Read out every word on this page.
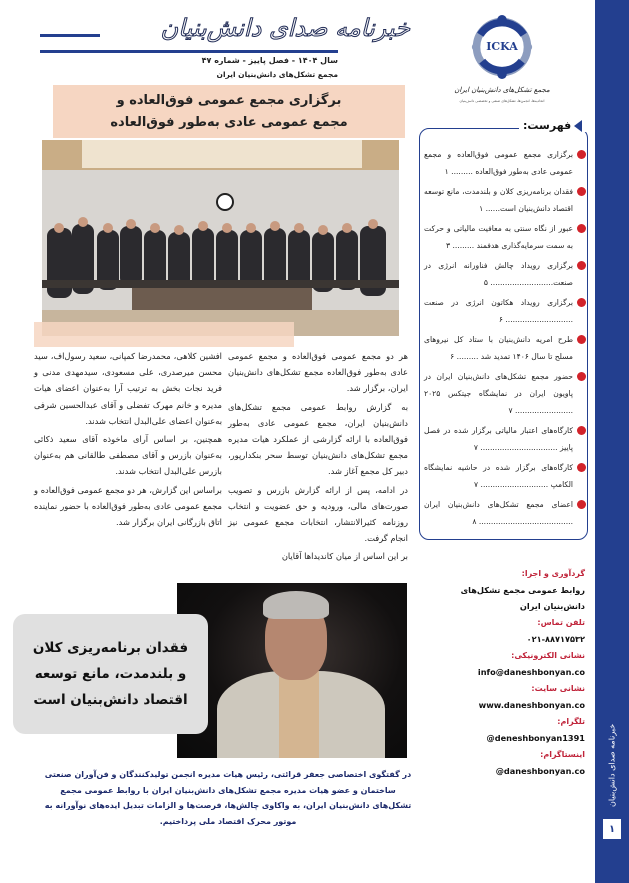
خبرنامه صدای دانش‌بنیان
۱
خبرنامه صدای دانش‌بنیان
سال ۱۴۰۴ - فصل پاییز - شماره ۴۷
مجمع تشکل‌های دانش‌بنیان ایران
ICKA
مجمع تشکل‌های دانش‌بنیان ایران
اتحادیه‌ها، انجمن‌ها، تشکل‌های صنفی و تخصصی دانش‌بنیان
فهرست:
برگزاری مجمع عمومی فوق‌العاده و مجمع عمومی عادی به‌طور فوق‌العاده ......... ۱
فقدان برنامه‌ریزی کلان و بلندمدت، مانع توسعه اقتصاد دانش‌بنیان است...... ۱
عبور از نگاه سنتی به معافیت مالیاتی و حرکت به سمت سرمایه‌گذاری هدفمند ......... ۳
برگزاری رویداد چالش فناورانه انرژی در صنعت.......................... ۵
برگزاری رویداد هکاتون انرژی در صنعت ............................ ۶
طرح امریه دانش‌بنیان با ستاد کل نیروهای مسلح تا سال ۱۴۰۶ تمدید شد ......... ۶
حضور مجمع تشکل‌های دانش‌بنیان ایران در پاویون ایران در نمایشگاه جیتکس ۲۰۲۵ ........................ ۷
کارگاه‌های اعتبار مالیاتی برگزار شده در فصل پاییز ................................ ۷
کارگاه‌های برگزار شده در حاشیه نمایشگاه الکامپ ............................ ۷
اعضای مجمع تشکل‌های دانش‌بنیان ایران ....................................... ۸
گردآوری و اجرا:
روابط عمومی مجمع تشکل‌های
دانش‌بنیان ایران
تلفن تماس:
۰۲۱-۸۸۷۱۷۵۳۲
نشانی الکترونیکی:
info@daneshbonyan.co
نشانی سایت:
www.daneshbonyan.co
تلگرام:
@deneshbonyan1391
اینستاگرام:
@daneshbonyan.co
برگزاری مجمع عمومی فوق‌العاده و
مجمع عمومی عادی به‌طور فوق‌العاده

هر دو مجمع عمومی فوق‌العاده و مجمع عمومی عادی به‌طور فوق‌العاده مجمع تشکل‌های دانش‌بنیان ایران، برگزار شد.

به گزارش روابط عمومی مجمع تشکل‌های دانش‌بنیان ایران، مجمع عمومی عادی به‌طور فوق‌العاده با ارائه گزارشی از عملکرد هیات مدیره مجمع تشکل‌های دانش‌بنیان توسط سحر بنکدارپور، دبیر کل مجمع آغاز شد.

در ادامه، پس از ارائه گزارش بازرس و تصویب صورت‌های مالی، ورودیه و حق عضویت و انتخاب روزنامه کثیرالانتشار، انتخابات مجمع عمومی نیز انجام گرفت.

بر این اساس از میان کاندیداها آقایان

افشین کلاهی، محمدرضا کمپانی، سعید رسول‌اف، سید محسن میرصدری، علی مسعودی، سیدمهدی مدنی و فرید نجات بخش به ترتیب آرا به‌عنوان اعضای هیات مدیره و خانم مهرک تفضلی و آقای عبدالحسین شرفی به‌عنوان اعضای علی‌البدل انتخاب شدند.

همچنین، بر اساس آرای ماخوذه آقای سعید ذکائی به‌عنوان بازرس و آقای مصطفی طالقانی هم به‌عنوان بازرس علی‌البدل انتخاب شدند.

براساس این گزارش، هر دو مجمع عمومی فوق‌العاده و مجمع عمومی عادی به‌طور فوق‌العاده با حضور نماینده اتاق بازرگانی ایران برگزار شد.

فقدان برنامه‌ریزی کلان
و بلندمدت، مانع توسعه
اقتصاد دانش‌بنیان است
در گفتگوی اختصاصی جعفر قرائتی، رئیس هیات مدیره انجمن تولیدکنندگان و فن‌آوران صنعتی ساختمان و عضو هیات مدیره مجمع تشکل‌های دانش‌بنیان ایران با روابط عمومی مجمع تشکل‌های دانش‌بنیان ایران، به واکاوی چالش‌ها، فرصت‌ها و الزامات تبدیل ایده‌های نوآورانه به موتور محرک اقتصاد ملی پرداختیم.
